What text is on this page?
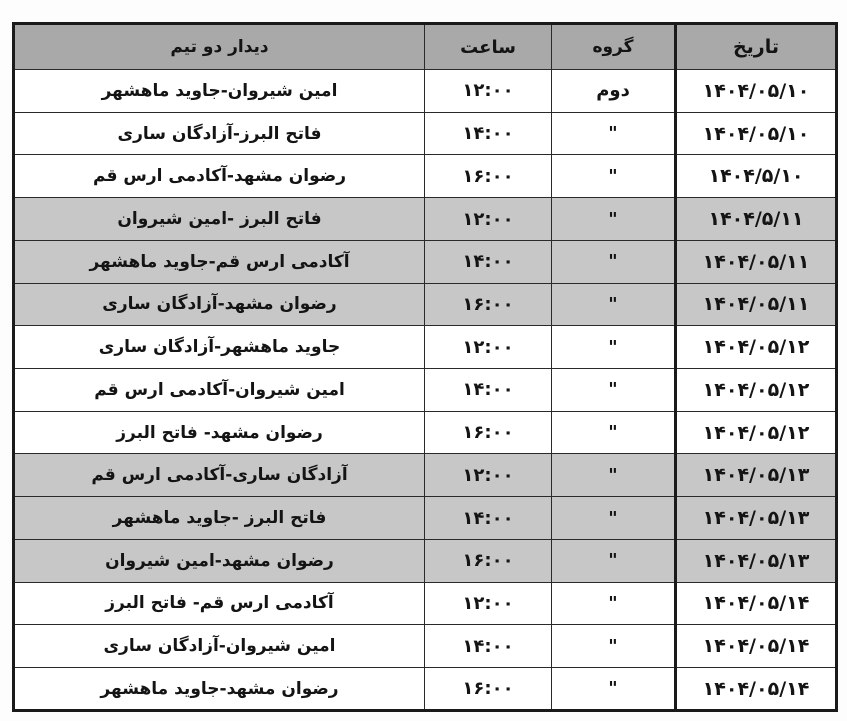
تاریخ	گروه	ساعت	دیدار دو تیم
۱۴۰۴/۰۵/۱۰	دوم	۱۲:۰۰	امین شیروان-جاوید ماهشهر
۱۴۰۴/۰۵/۱۰	"	۱۴:۰۰	فاتح البرز-آزادگان ساری
۱۴۰۴/۵/۱۰	"	۱۶:۰۰	رضوان مشهد-آکادمی ارس قم
۱۴۰۴/۵/۱۱	"	۱۲:۰۰	فاتح البرز -امین شیروان
۱۴۰۴/۰۵/۱۱	"	۱۴:۰۰	آکادمی ارس قم-جاوید ماهشهر
۱۴۰۴/۰۵/۱۱	"	۱۶:۰۰	رضوان مشهد-آزادگان ساری
۱۴۰۴/۰۵/۱۲	"	۱۲:۰۰	جاوید ماهشهر-آزادگان ساری
۱۴۰۴/۰۵/۱۲	"	۱۴:۰۰	امین شیروان-آکادمی ارس قم
۱۴۰۴/۰۵/۱۲	"	۱۶:۰۰	رضوان مشهد- فاتح البرز
۱۴۰۴/۰۵/۱۳	"	۱۲:۰۰	آزادگان ساری-آکادمی ارس قم
۱۴۰۴/۰۵/۱۳	"	۱۴:۰۰	فاتح البرز -جاوید ماهشهر
۱۴۰۴/۰۵/۱۳	"	۱۶:۰۰	رضوان مشهد-امین شیروان
۱۴۰۴/۰۵/۱۴	"	۱۲:۰۰	آکادمی ارس قم- فاتح البرز
۱۴۰۴/۰۵/۱۴	"	۱۴:۰۰	امین شیروان-آزادگان ساری
۱۴۰۴/۰۵/۱۴	"	۱۶:۰۰	رضوان مشهد-جاوید ماهشهر
